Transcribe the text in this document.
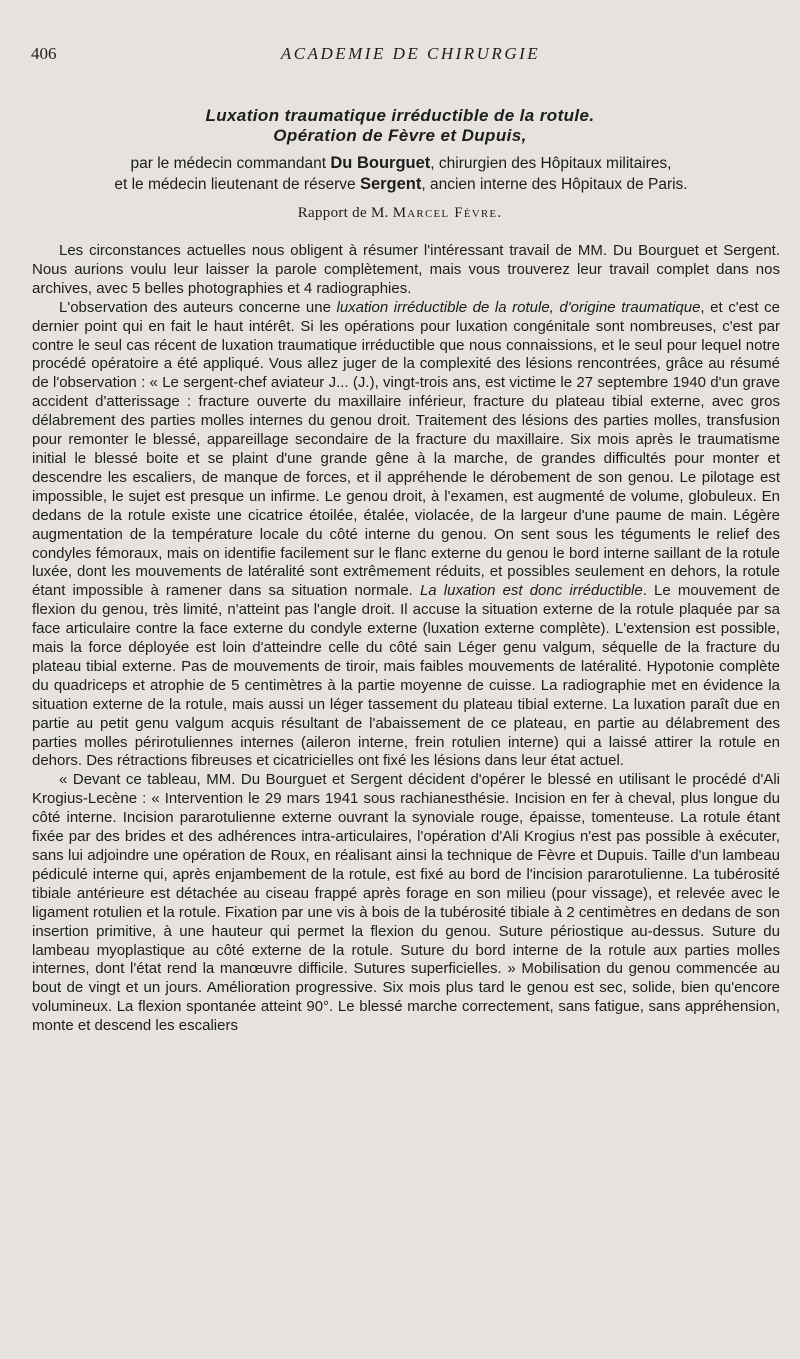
406	ACADEMIE DE CHIRURGIE
Luxation traumatique irréductible de la rotule.
Opération de Fèvre et Dupuis,
par le médecin commandant Du Bourguet, chirurgien des Hôpitaux militaires,
et le médecin lieutenant de réserve Sergent, ancien interne des Hôpitaux de Paris.
Rapport de M. Marcel Fèvre.

Les circonstances actuelles nous obligent à résumer l'intéressant travail de MM. Du Bourguet et Sergent. Nous aurions voulu leur laisser la parole complètement, mais vous trouverez leur travail complet dans nos archives, avec 5 belles photographies et 4 radiographies.

L'observation des auteurs concerne une luxation irréductible de la rotule, d'origine traumatique, et c'est ce dernier point qui en fait le haut intérêt. Si les opérations pour luxation congénitale sont nombreuses, c'est par contre le seul cas récent de luxation traumatique irréductible que nous connaissions, et le seul pour lequel notre procédé opératoire a été appliqué. Vous allez juger de la complexité des lésions rencontrées, grâce au résumé de l'observation : « Le sergent-chef aviateur J... (J.), vingt-trois ans, est victime le 27 septembre 1940 d'un grave accident d'atterissage : fracture ouverte du maxillaire inférieur, fracture du plateau tibial externe, avec gros délabrement des parties molles internes du genou droit. Traitement des lésions des parties molles, transfusion pour remonter le blessé, appareillage secondaire de la fracture du maxillaire. Six mois après le traumatisme initial le blessé boite et se plaint d'une grande gêne à la marche, de grandes difficultés pour monter et descendre les escaliers, de manque de forces, et il appréhende le dérobement de son genou. Le pilotage est impossible, le sujet est presque un infirme. Le genou droit, à l'examen, est augmenté de volume, globuleux. En dedans de la rotule existe une cicatrice étoilée, étalée, violacée, de la largeur d'une paume de main. Légère augmentation de la température locale du côté interne du genou. On sent sous les téguments le relief des condyles fémoraux, mais on identifie facilement sur le flanc externe du genou le bord interne saillant de la rotule luxée, dont les mouvements de latéralité sont extrêmement réduits, et possibles seulement en dehors, la rotule étant impossible à ramener dans sa situation normale. La luxation est donc irréductible. Le mouvement de flexion du genou, très limité, n'atteint pas l'angle droit. Il accuse la situation externe de la rotule plaquée par sa face articulaire contre la face externe du condyle externe (luxation externe complète). L'extension est possible, mais la force déployée est loin d'atteindre celle du côté sain Léger genu valgum, séquelle de la fracture du plateau tibial externe. Pas de mouvements de tiroir, mais faibles mouvements de latéralité. Hypotonie complète du quadriceps et atrophie de 5 centimètres à la partie moyenne de cuisse. La radiographie met en évidence la situation externe de la rotule, mais aussi un léger tassement du plateau tibial externe. La luxation paraît due en partie au petit genu valgum acquis résultant de l'abaissement de ce plateau, en partie au délabrement des parties molles périrotuliennes internes (aileron interne, frein rotulien interne) qui a laissé attirer la rotule en dehors. Des rétractions fibreuses et cicatricielles ont fixé les lésions dans leur état actuel.

« Devant ce tableau, MM. Du Bourguet et Sergent décident d'opérer le blessé en utilisant le procédé d'Ali Krogius-Lecène : « Intervention le 29 mars 1941 sous rachianesthésie. Incision en fer à cheval, plus longue du côté interne. Incision pararotulienne externe ouvrant la synoviale rouge, épaisse, tomenteuse. La rotule étant fixée par des brides et des adhérences intra-articulaires, l'opération d'Ali Krogius n'est pas possible à exécuter, sans lui adjoindre une opération de Roux, en réalisant ainsi la technique de Fèvre et Dupuis. Taille d'un lambeau pédiculé interne qui, après enjambement de la rotule, est fixé au bord de l'incision pararotulienne. La tubérosité tibiale antérieure est détachée au ciseau frappé après forage en son milieu (pour vissage), et relevée avec le ligament rotulien et la rotule. Fixation par une vis à bois de la tubérosité tibiale à 2 centimètres en dedans de son insertion primitive, à une hauteur qui permet la flexion du genou. Suture périostique au-dessus. Suture du lambeau myoplastique au côté externe de la rotule. Suture du bord interne de la rotule aux parties molles internes, dont l'état rend la manœuvre difficile. Sutures superficielles. » Mobilisation du genou commencée au bout de vingt et un jours. Amélioration progressive. Six mois plus tard le genou est sec, solide, bien qu'encore volumineux. La flexion spontanée atteint 90°. Le blessé marche correctement, sans fatigue, sans appréhension, monte et descend les escaliers
